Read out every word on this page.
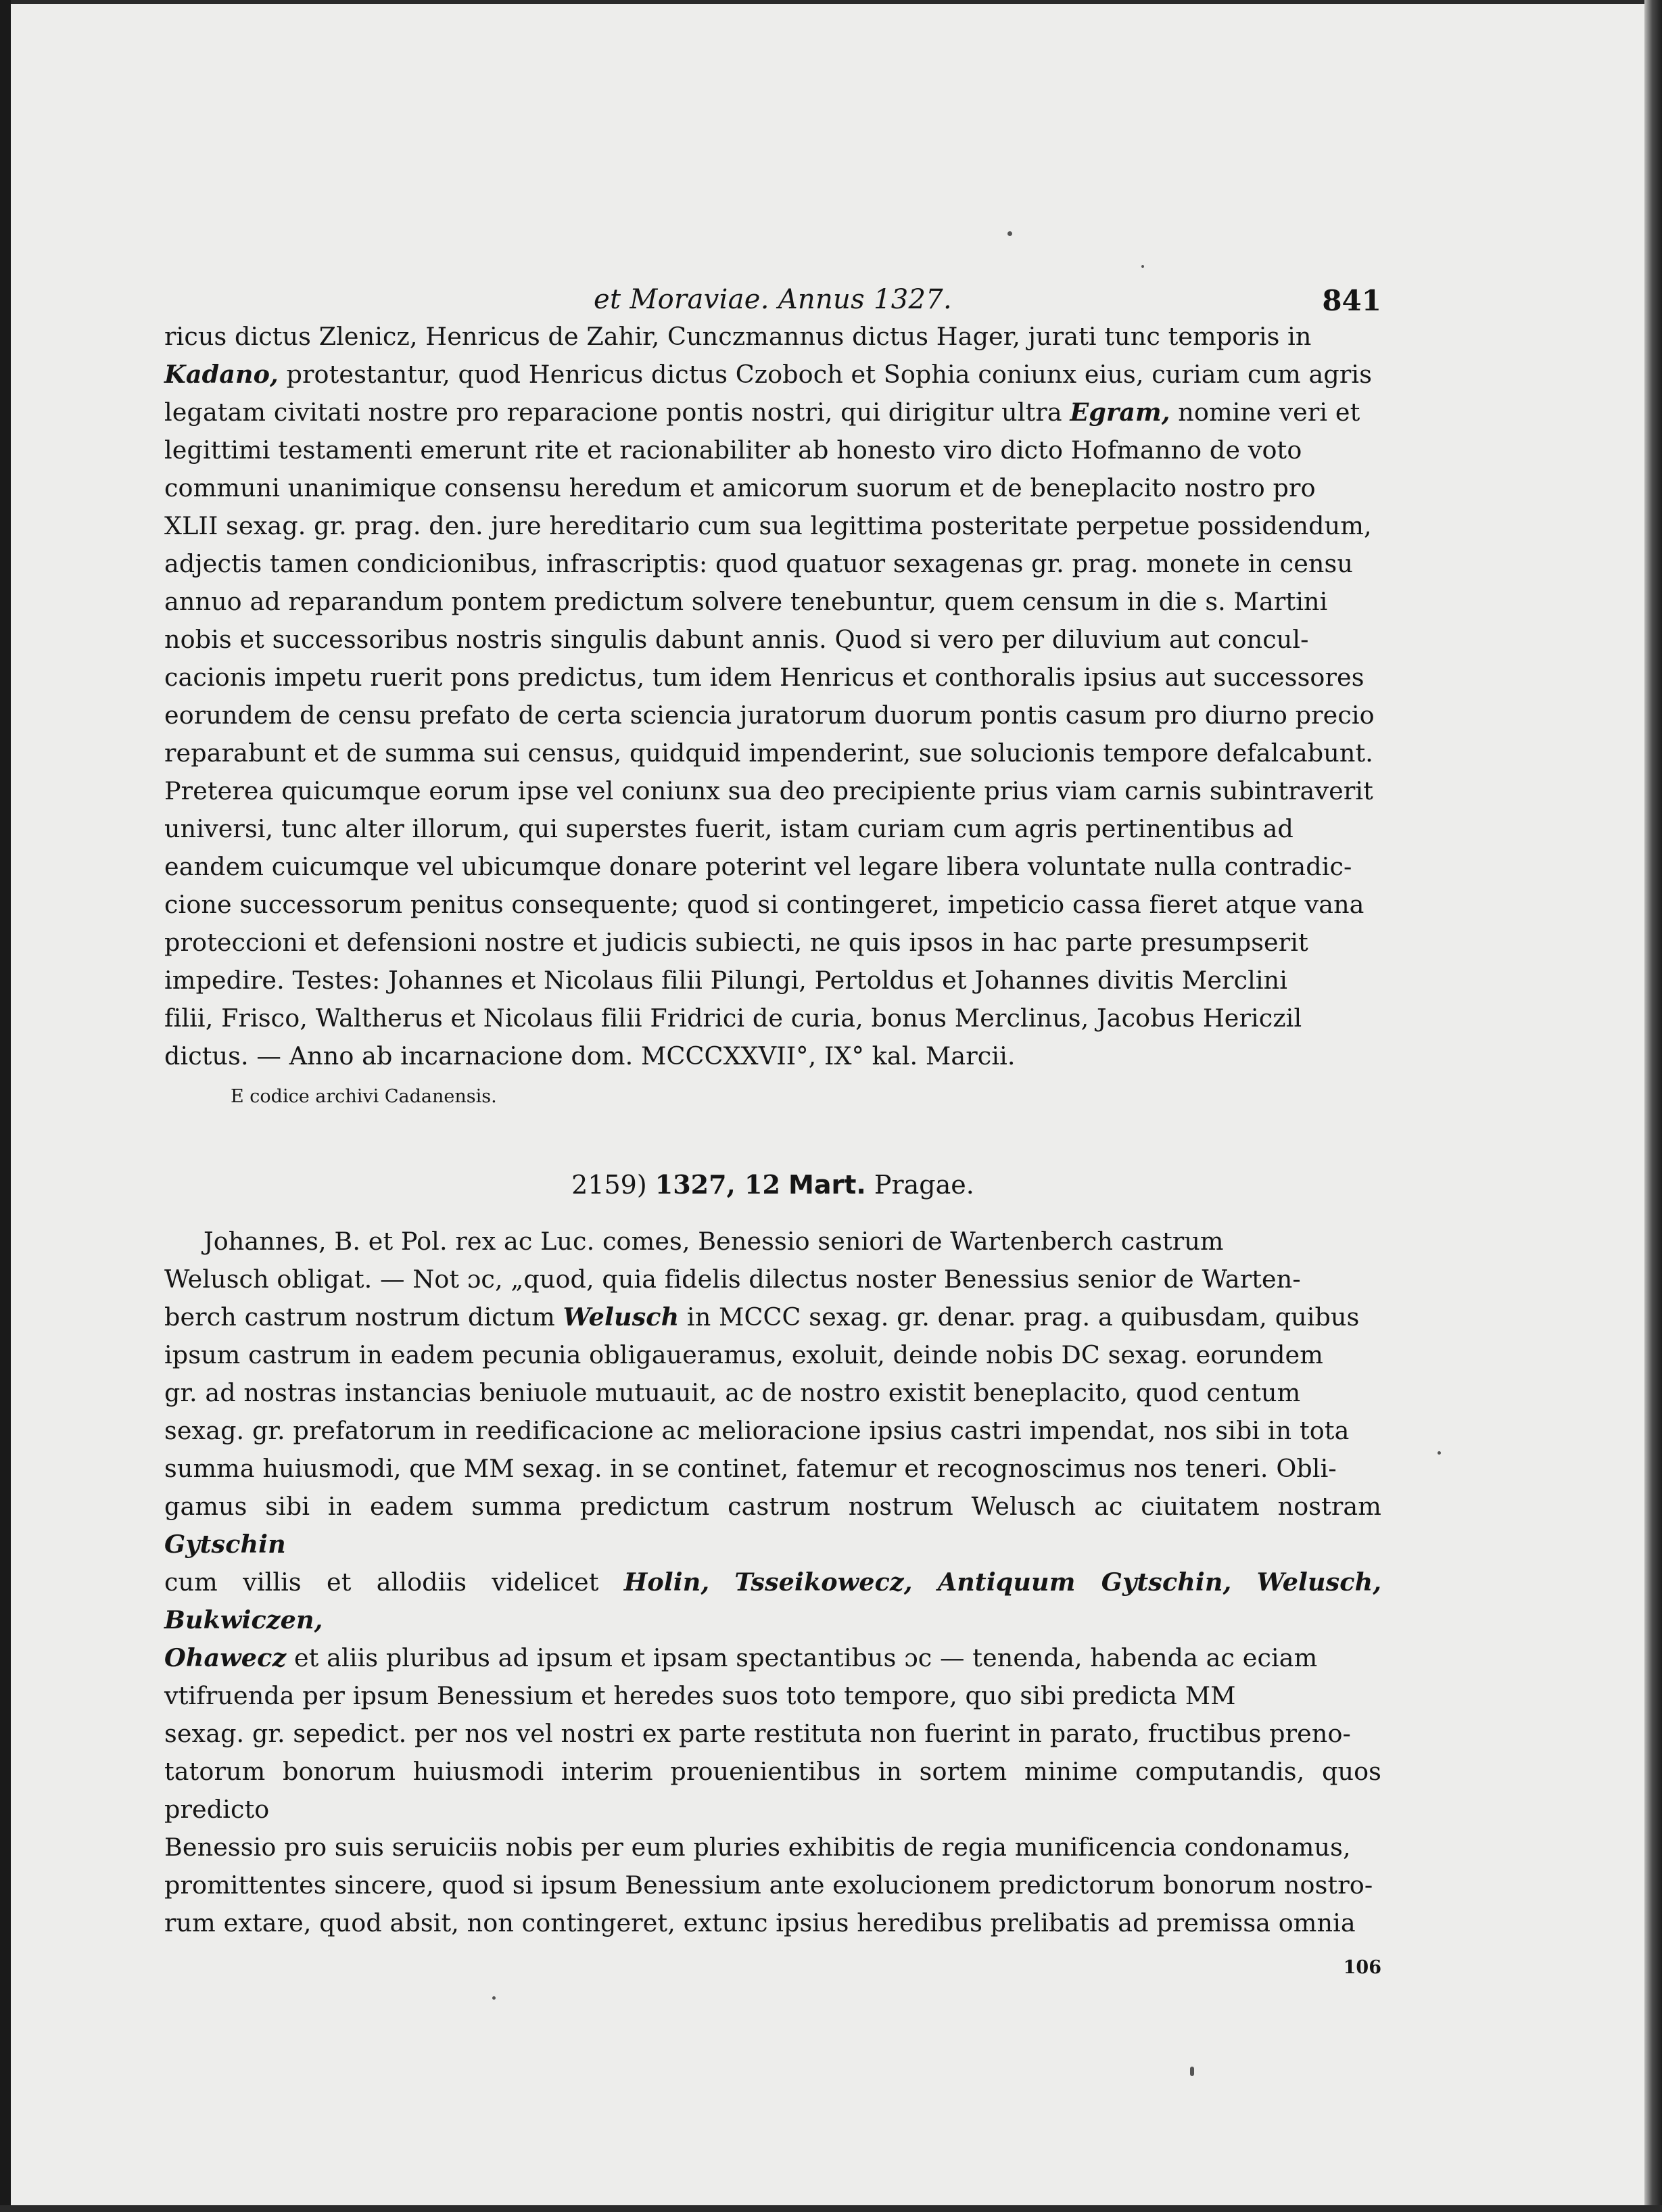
et Moraviae. Annus 1327.	841

ricus dictus Zlenicz, Henricus de Zahir, Cunczmannus dictus Hager, jurati tunc temporis in

Kadano, protestantur, quod Henricus dictus Czoboch et Sophia coniunx eius, curiam cum agris

legatam civitati nostre pro reparacione pontis nostri, qui dirigitur ultra Egram, nomine veri et

legittimi testamenti emerunt rite et racionabiliter ab honesto viro dicto Hofmanno de voto

communi unanimique consensu heredum et amicorum suorum et de beneplacito nostro pro

XLII sexag. gr. prag. den. jure hereditario cum sua legittima posteritate perpetue possidendum,

adjectis tamen condicionibus, infrascriptis: quod quatuor sexagenas gr. prag. monete in censu

annuo ad reparandum pontem predictum solvere tenebuntur, quem censum in die s. Martini

nobis et successoribus nostris singulis dabunt annis. Quod si vero per diluvium aut concul-

cacionis impetu ruerit pons predictus, tum idem Henricus et conthoralis ipsius aut successores

eorundem de censu prefato de certa sciencia juratorum duorum pontis casum pro diurno precio

reparabunt et de summa sui census, quidquid impenderint, sue solucionis tempore defalcabunt.

Preterea quicumque eorum ipse vel coniunx sua deo precipiente prius viam carnis subintraverit

universi, tunc alter illorum, qui superstes fuerit, istam curiam cum agris pertinentibus ad

eandem cuicumque vel ubicumque donare poterint vel legare libera voluntate nulla contradic-

cione successorum penitus consequente; quod si contingeret, impeticio cassa fieret atque vana

proteccioni et defensioni nostre et judicis subiecti, ne quis ipsos in hac parte presumpserit

impedire. Testes: Johannes et Nicolaus filii Pilungi, Pertoldus et Johannes divitis Merclini

filii, Frisco, Waltherus et Nicolaus filii Fridrici de curia, bonus Merclinus, Jacobus Hericzil

dictus. — Anno ab incarnacione dom. MCCCXXVII°, IX° kal. Marcii.

E codice archivi Cadanensis.
2159) 1327, 12 Mart. Pragae.

Johannes, B. et Pol. rex ac Luc. comes, Benessio seniori de Wartenberch castrum

Welusch obligat. — Not ɔc, „quod, quia fidelis dilectus noster Benessius senior de Warten-

berch castrum nostrum dictum Welusch in MCCC sexag. gr. denar. prag. a quibusdam, quibus

ipsum castrum in eadem pecunia obligaueramus, exoluit, deinde nobis DC sexag. eorundem

gr. ad nostras instancias beniuole mutuauit, ac de nostro existit beneplacito, quod centum

sexag. gr. prefatorum in reedificacione ac melioracione ipsius castri impendat, nos sibi in tota

summa huiusmodi, que MM sexag. in se continet, fatemur et recognoscimus nos teneri. Obli-

gamus sibi in eadem summa predictum castrum nostrum Welusch ac ciuitatem nostram Gytschin

cum villis et allodiis videlicet Holin, Tsseikowecz, Antiquum Gytschin, Welusch, Bukwiczen,

Ohawecz et aliis pluribus ad ipsum et ipsam spectantibus ɔc — tenenda, habenda ac eciam

vtifruenda per ipsum Benessium et heredes suos toto tempore, quo sibi predicta MM

sexag. gr. sepedict. per nos vel nostri ex parte restituta non fuerint in parato, fructibus preno-

tatorum bonorum huiusmodi interim prouenientibus in sortem minime computandis, quos predicto

Benessio pro suis seruiciis nobis per eum pluries exhibitis de regia munificencia condonamus,

promittentes sincere, quod si ipsum Benessium ante exolucionem predictorum bonorum nostro-

rum extare, quod absit, non contingeret, extunc ipsius heredibus prelibatis ad premissa omnia

106
